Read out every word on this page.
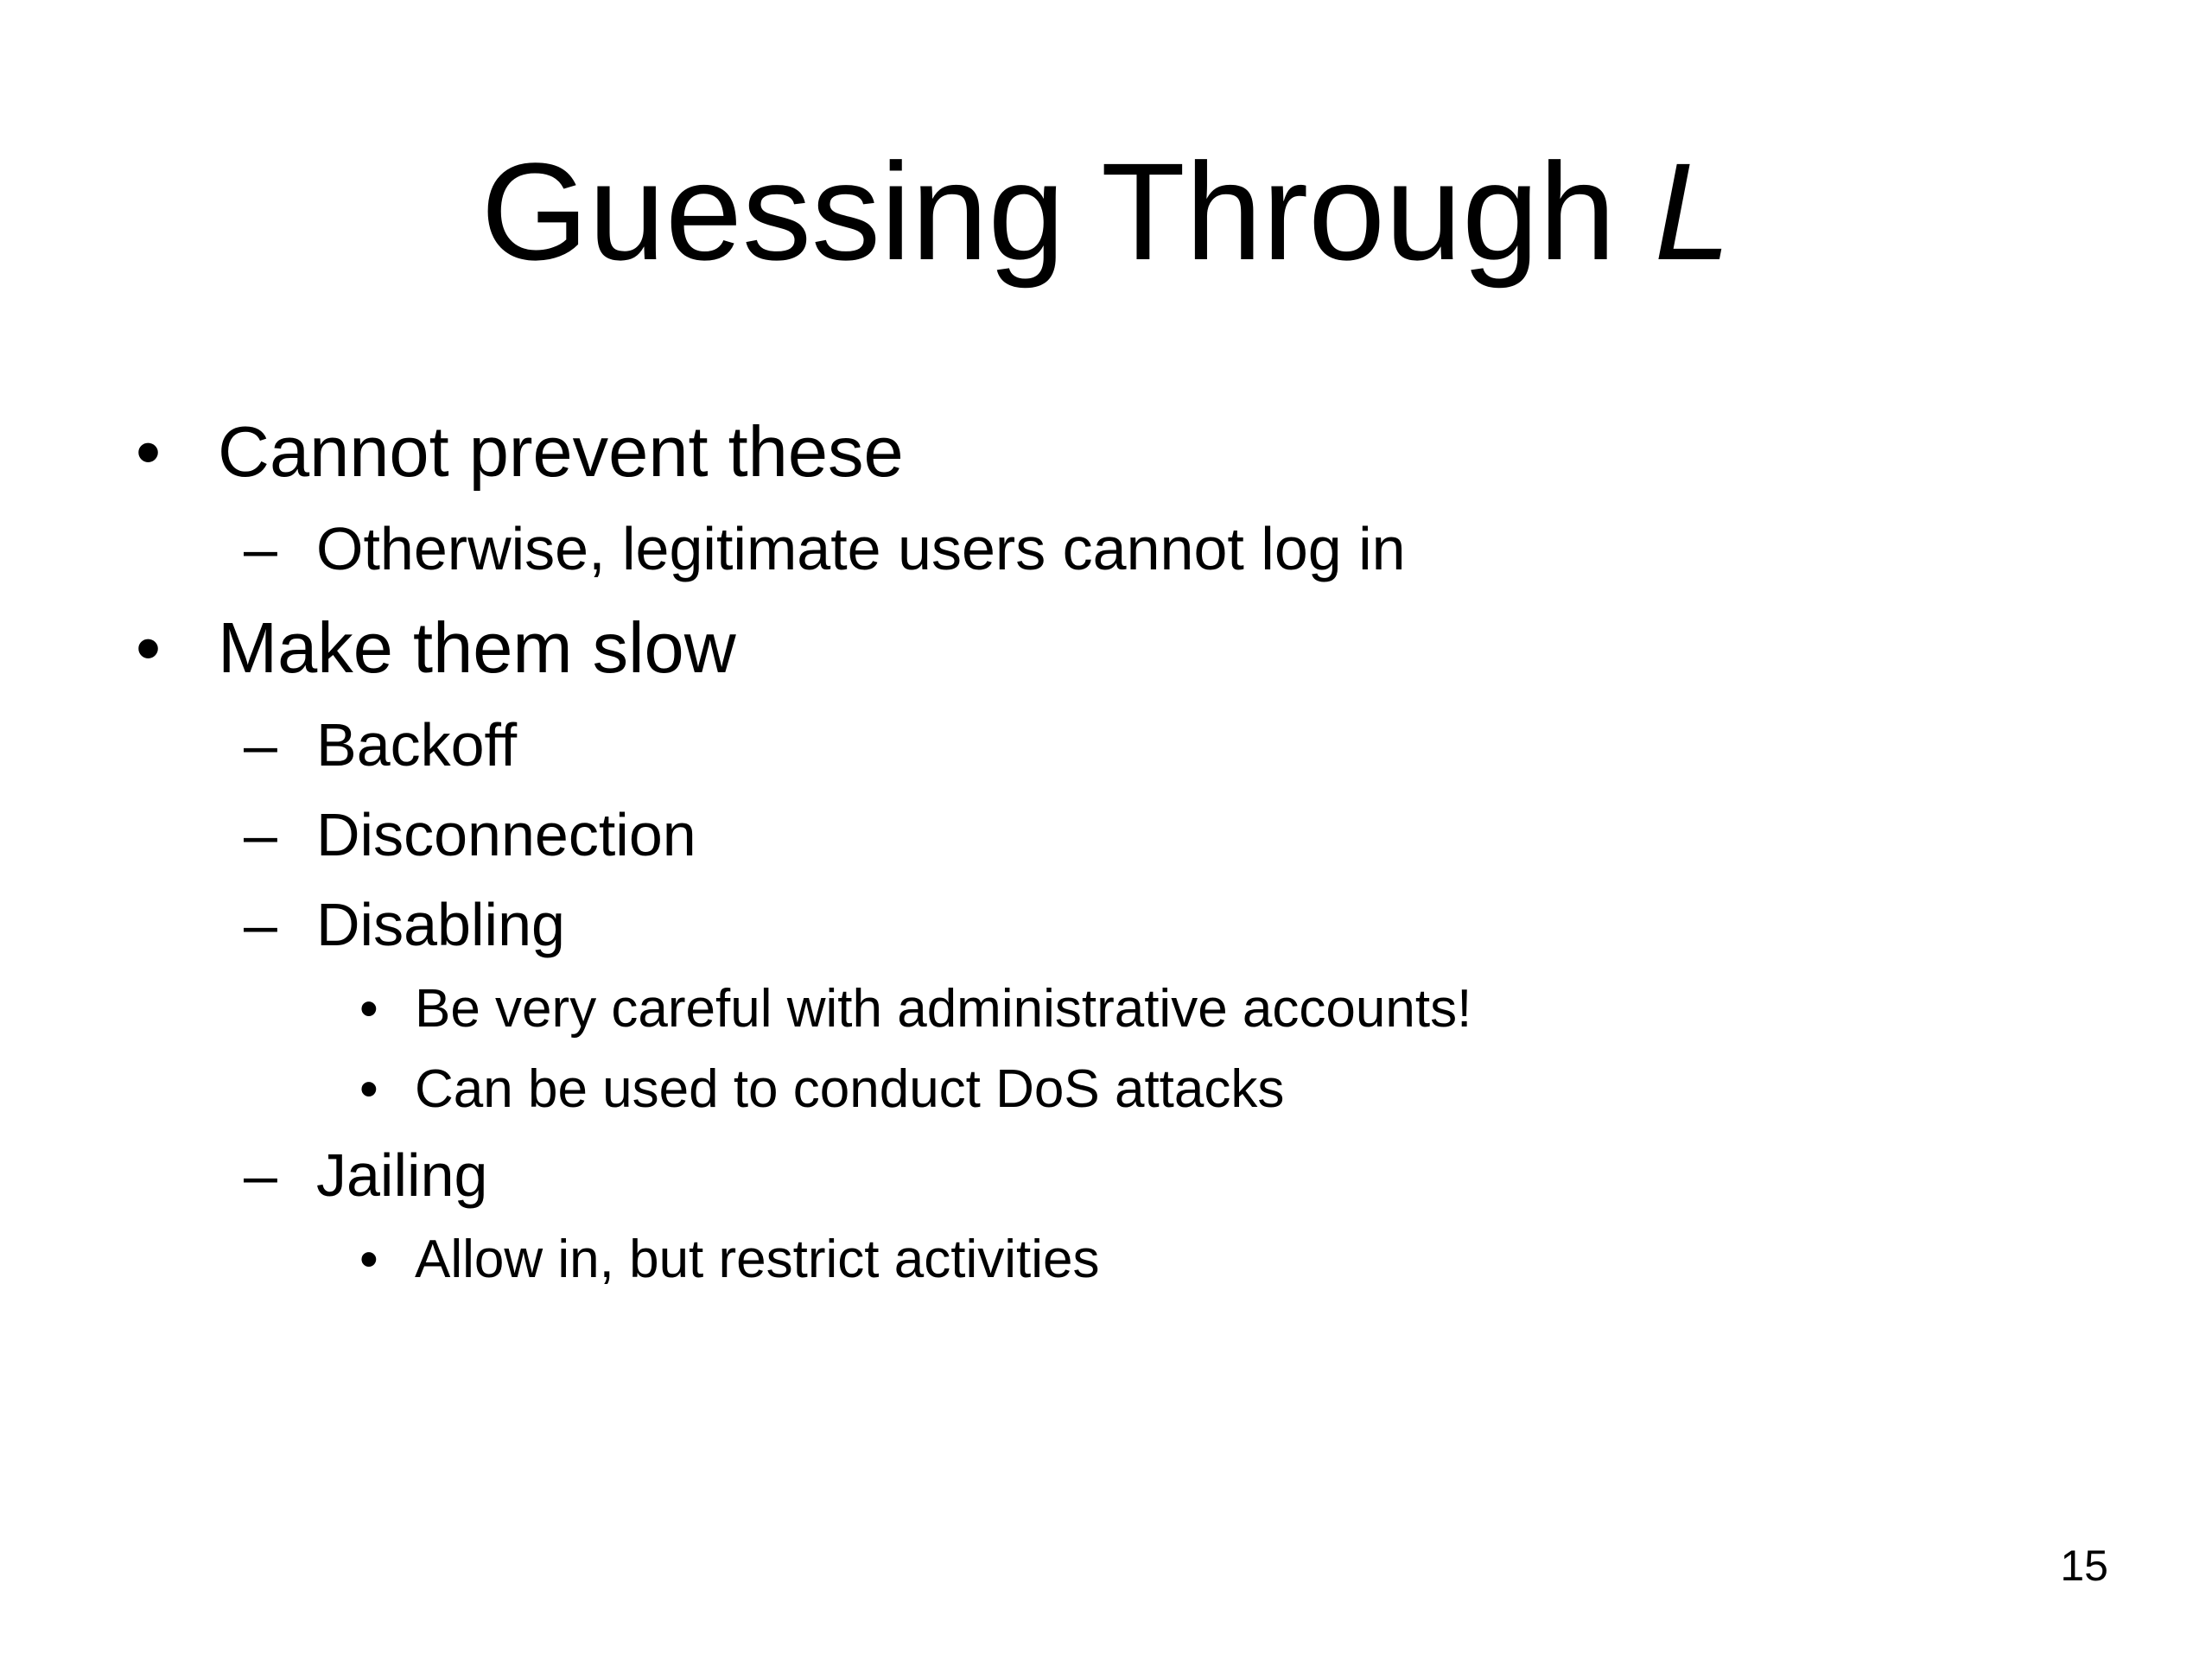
Guessing Through L
• Cannot prevent these
– Otherwise, legitimate users cannot log in
• Make them slow
– Backoff
– Disconnection
– Disabling
• Be very careful with administrative accounts!
• Can be used to conduct DoS attacks
– Jailing
• Allow in, but restrict activities
15
